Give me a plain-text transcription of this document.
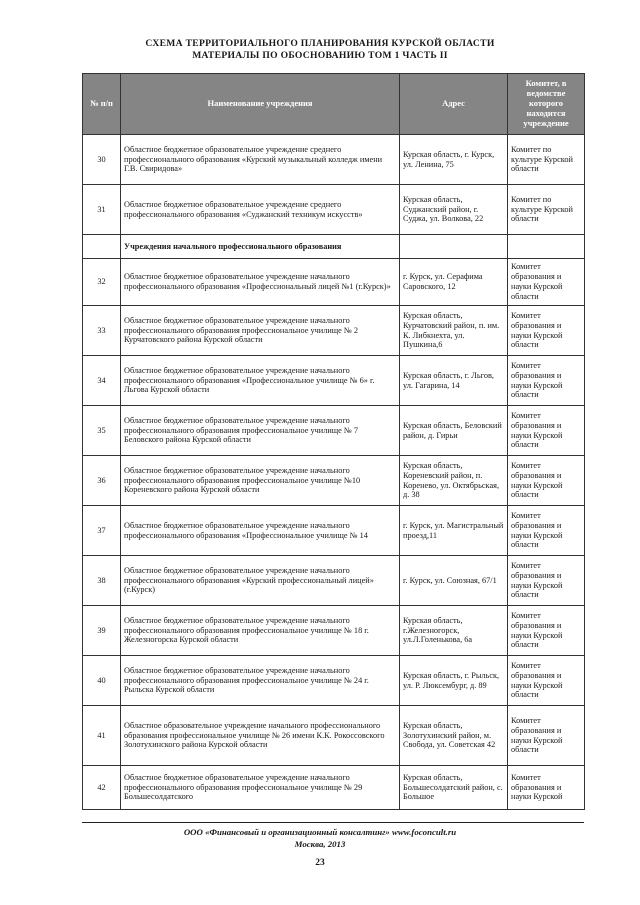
СХЕМА ТЕРРИТОРИАЛЬНОГО ПЛАНИРОВАНИЯ КУРСКОЙ ОБЛАСТИ
МАТЕРИАЛЫ ПО ОБОСНОВАНИЮ ТОМ 1 ЧАСТЬ II
№ п/п	Наименование учреждения	Адрес	Комитет, в ведомстве которого находится учреждение
30	Областное бюджетное образовательное учреждение среднего профессионального образования «Курский музыкальный колледж имени Г.В. Свиридова»	Курская область, г. Курск, ул. Ленина, 75	Комитет по культуре Курской области
31	Областное бюджетное образовательное учреждение среднего профессионального образования «Суджанский техникум искусств»	Курская область, Суджанский район, г. Суджа, ул. Волкова, 22	Комитет по культуре Курской области
	Учреждения начального профессионального образования		
32	Областное бюджетное образовательное учреждение начального профессионального образования «Профессиональный лицей №1 (г.Курск)»	г. Курск, ул. Серафима Саровского, 12	Комитет образования и науки Курской области
33	Областное бюджетное образовательное учреждение начального профессионального образования профессиональное училище № 2 Курчатовского района Курской области	Курская область, Курчатовский район, п. им. К. Либкнехта, ул. Пушкина,6	Комитет образования и науки Курской области
34	Областное бюджетное образовательное учреждение начального профессионального образования «Профессиональное училище № 6» г. Льгова Курской области	Курская область, г. Льгов, ул. Гагарина, 14	Комитет образования и науки Курской области
35	Областное бюджетное образовательное учреждение начального профессионального образования профессиональное училище № 7 Беловского района Курской области	Курская область, Беловский район, д. Гирьи	Комитет образования и науки Курской области
36	Областное бюджетное образовательное учреждение начального профессионального образования профессиональное училище №10 Кореневского района Курской области	Курская область, Кореневский район, п. Коренево, ул. Октябрьская, д. 38	Комитет образования и науки Курской области
37	Областное бюджетное образовательное учреждение начального профессионального образования «Профессиональное училище № 14	г. Курск, ул. Магистральный проезд,11	Комитет образования и науки Курской области
38	Областное бюджетное образовательное учреждение начального профессионального образования «Курский профессиональный лицей» (г.Курск)	г. Курск, ул. Союзная, 67/1	Комитет образования и науки Курской области
39	Областное бюджетное образовательное учреждение начального профессионального образования профессиональное училище № 18 г. Железногорска Курской области	Курская область, г.Железногорск, ул.Л.Голенькова, 6а	Комитет образования и науки Курской области
40	Областное бюджетное образовательное учреждение начального профессионального образования профессиональное училище № 24 г. Рыльска Курской области	Курская область, г. Рыльск, ул. Р. Люксембург, д. 89	Комитет образования и науки Курской области
41	Областное образовательное учреждение начального профессионального образования профессиональное училище № 26 имени К.К. Рокоссовского Золотухинского района Курской области	Курская область, Золотухинский район, м. Свобода, ул. Советская 42	Комитет образования и науки Курской области
42	Областное бюджетное образовательное учреждение начального профессионального образования профессиональное училище № 29 Большесолдатского	Курская область, Большесолдатский район, с. Большое	Комитет образования и науки Курской
ООО «Финансовый и организационный консалтинг» www.foconcult.ru
Москва, 2013
23
